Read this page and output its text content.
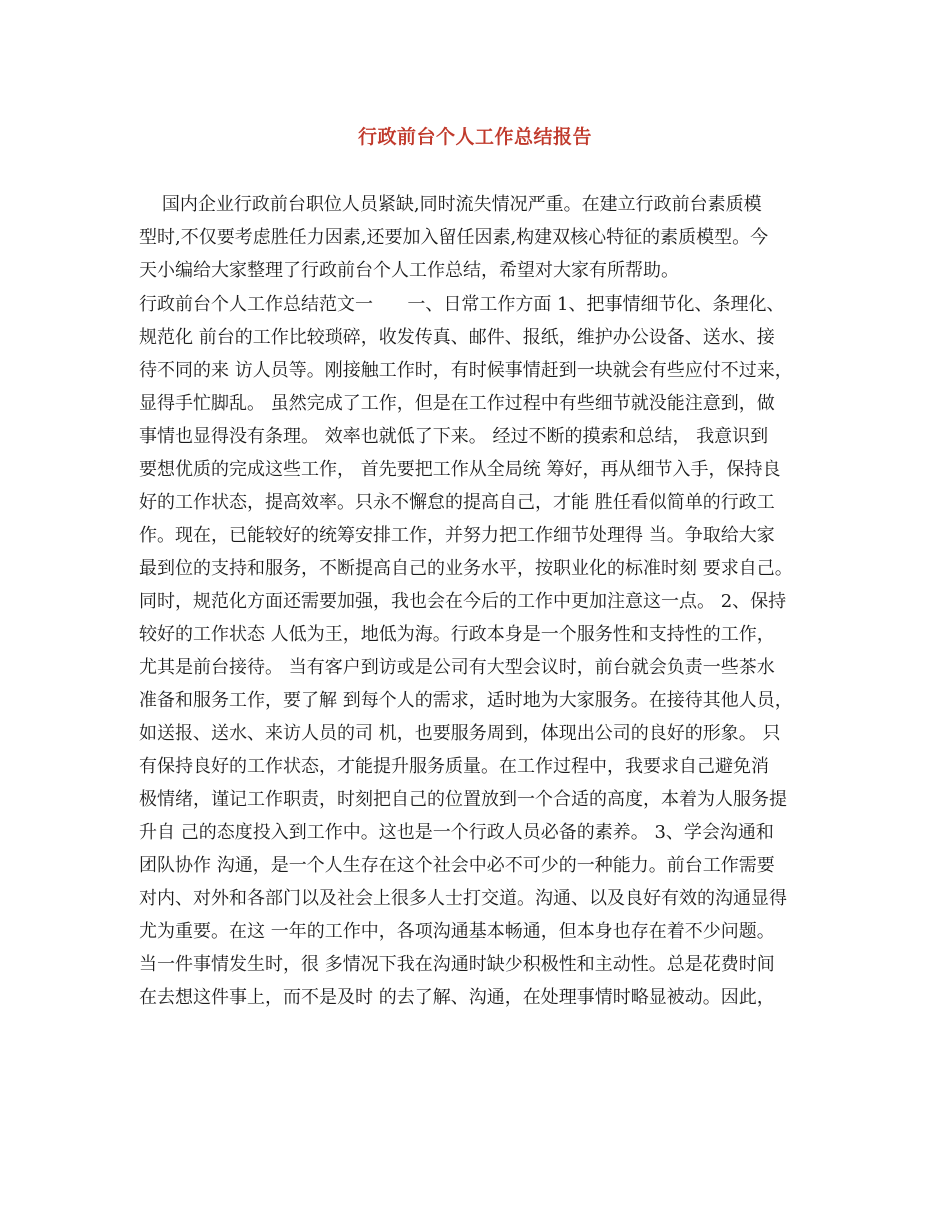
行政前台个人工作总结报告
国内企业行政前台职位人员紧缺,同时流失情况严重。在建立行政前台素质模
型时,不仅要考虑胜任力因素,还要加入留任因素,构建双核心特征的素质模型。今
天小编给大家整理了行政前台个人工作总结，希望对大家有所帮助。
行政前台个人工作总结范文一      一、日常工作方面 1、把事情细节化、条理化、
规范化 前台的工作比较琐碎，收发传真、邮件、报纸，维护办公设备、送水、接
待不同的来 访人员等。刚接触工作时，有时候事情赶到一块就会有些应付不过来，
显得手忙脚乱。 虽然完成了工作，但是在工作过程中有些细节就没能注意到，做
事情也显得没有条理。 效率也就低了下来。 经过不断的摸索和总结， 我意识到
要想优质的完成这些工作， 首先要把工作从全局统 筹好，再从细节入手，保持良
好的工作状态，提高效率。只永不懈怠的提高自己，才能 胜任看似简单的行政工
作。现在，已能较好的统筹安排工作，并努力把工作细节处理得 当。争取给大家
最到位的支持和服务，不断提高自己的业务水平，按职业化的标准时刻 要求自己。
同时，规范化方面还需要加强，我也会在今后的工作中更加注意这一点。 2、保持
较好的工作状态 人低为王，地低为海。行政本身是一个服务性和支持性的工作，
尤其是前台接待。 当有客户到访或是公司有大型会议时，前台就会负责一些茶水
准备和服务工作，要了解 到每个人的需求，适时地为大家服务。在接待其他人员，
如送报、送水、来访人员的司 机，也要服务周到，体现出公司的良好的形象。 只
有保持良好的工作状态，才能提升服务质量。在工作过程中，我要求自己避免消
极情绪，谨记工作职责，时刻把自己的位置放到一个合适的高度，本着为人服务提
升自 己的态度投入到工作中。这也是一个行政人员必备的素养。 3、学会沟通和
团队协作 沟通，是一个人生存在这个社会中必不可少的一种能力。前台工作需要
对内、对外和各部门以及社会上很多人士打交道。沟通、以及良好有效的沟通显得
尤为重要。在这 一年的工作中，各项沟通基本畅通，但本身也存在着不少问题。
当一件事情发生时，很 多情况下我在沟通时缺少积极性和主动性。总是花费时间
在去想这件事上，而不是及时 的去了解、沟通，在处理事情时略显被动。因此，
